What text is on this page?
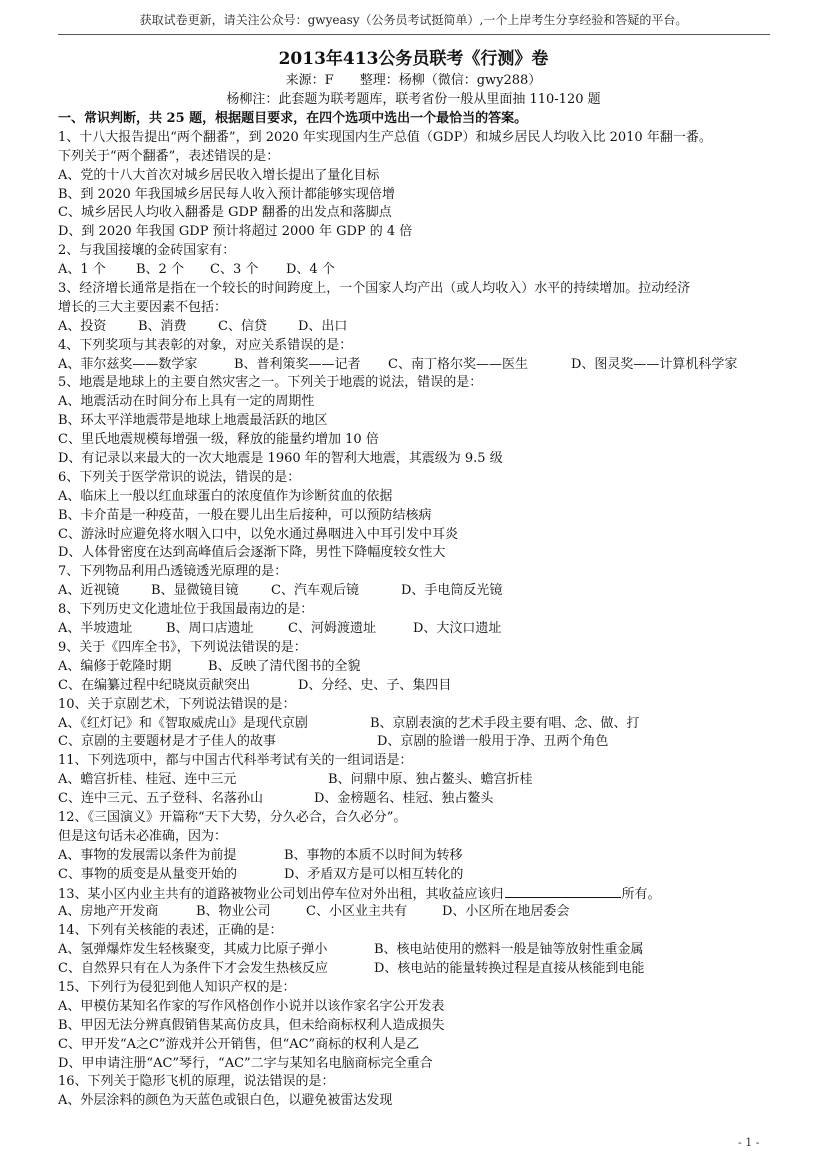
获取试卷更新，请关注公众号：gwyeasy（公务员考试挺简单）,一个上岸考生分享经验和答疑的平台。
2013年413公务员联考《行测》卷
来源：F　　整理：杨柳（微信：gwy288）
杨柳注：此套题为联考题库，联考省份一般从里面抽 110-120 题
一、常识判断，共 25 题，根据题目要求，在四个选项中选出一个最恰当的答案。
1、十八大报告提出“两个翻番”，到 2020 年实现国内生产总值（GDP）和城乡居民人均收入比 2010 年翻一番。
下列关于“两个翻番”，表述错误的是：
A、党的十八大首次对城乡居民收入增长提出了量化目标
B、到 2020 年我国城乡居民每人收入预计都能够实现倍增
C、城乡居民人均收入翻番是 GDP 翻番的出发点和落脚点
D、到 2020 年我国 GDP 预计将超过 2000 年 GDP 的 4 倍
2、与我国接壤的金砖国家有：
A、1 个	B、2 个	C、3 个	D、4 个
3、经济增长通常是指在一个较长的时间跨度上，一个国家人均产出（或人均收入）水平的持续增加。拉动经济
增长的三大主要因素不包括：
A、投资	B、消费	C、信贷	D、出口
4、下列奖项与其表彰的对象，对应关系错误的是：
A、菲尔兹奖——数学家	B、普利策奖——记者	C、南丁格尔奖——医生	D、图灵奖——计算机科学家
5、地震是地球上的主要自然灾害之一。下列关于地震的说法，错误的是：
A、地震活动在时间分布上具有一定的周期性
B、环太平洋地震带是地球上地震最活跃的地区
C、里氏地震规模每增强一级，释放的能量约增加 10 倍
D、有记录以来最大的一次大地震是 1960 年的智利大地震，其震级为 9.5 级
6、下列关于医学常识的说法，错误的是：
A、临床上一般以红血球蛋白的浓度值作为诊断贫血的依据
B、卡介苗是一种疫苗，一般在婴儿出生后接种，可以预防结核病
C、游泳时应避免将水咽入口中，以免水通过鼻咽进入中耳引发中耳炎
D、人体骨密度在达到高峰值后会逐渐下降，男性下降幅度较女性大
7、下列物品利用凸透镜透光原理的是：
A、近视镜	B、显微镜目镜	C、汽车观后镜	D、手电筒反光镜
8、下列历史文化遗址位于我国最南边的是：
A、半坡遗址	B、周口店遗址	C、河姆渡遗址	D、大汶口遗址
9、关于《四库全书》，下列说法错误的是：
A、编修于乾隆时期	B、反映了清代图书的全貌
C、在编纂过程中纪晓岚贡献突出	D、分经、史、子、集四目
10、关于京剧艺术，下列说法错误的是：
A、《红灯记》和《智取威虎山》是现代京剧	B、京剧表演的艺术手段主要有唱、念、做、打
C、京剧的主要题材是才子佳人的故事	D、京剧的脸谱一般用于净、丑两个角色
11、下列选项中，都与中国古代科举考试有关的一组词语是：
A、蟾宫折桂、桂冠、连中三元	B、问鼎中原、独占鳌头、蟾宫折桂
C、连中三元、五子登科、名落孙山	D、金榜题名、桂冠、独占鳌头
12、《三国演义》开篇称“天下大势，分久必合，合久必分”。
但是这句话未必准确，因为：
A、事物的发展需以条件为前提	B、事物的本质不以时间为转移
C、事物的质变是从量变开始的	D、矛盾双方是可以相互转化的
13、某小区内业主共有的道路被物业公司划出停车位对外出租，其收益应该归	所有。
A、房地产开发商	B、物业公司	C、小区业主共有	D、小区所在地居委会
14、下列有关核能的表述，正确的是：
A、氢弹爆炸发生轻核聚变，其威力比原子弹小	B、核电站使用的燃料一般是铀等放射性重金属
C、自然界只有在人为条件下才会发生热核反应	D、核电站的能量转换过程是直接从核能到电能
15、下列行为侵犯到他人知识产权的是：
A、甲模仿某知名作家的写作风格创作小说并以该作家名字公开发表
B、甲因无法分辨真假销售某高仿皮具，但未给商标权利人造成损失
C、甲开发“A之C”游戏并公开销售，但“AC”商标的权利人是乙
D、甲申请注册“AC”琴行，“AC”二字与某知名电脑商标完全重合
16、下列关于隐形飞机的原理，说法错误的是：
A、外层涂料的颜色为天蓝色或银白色，以避免被雷达发现
- 1 -
